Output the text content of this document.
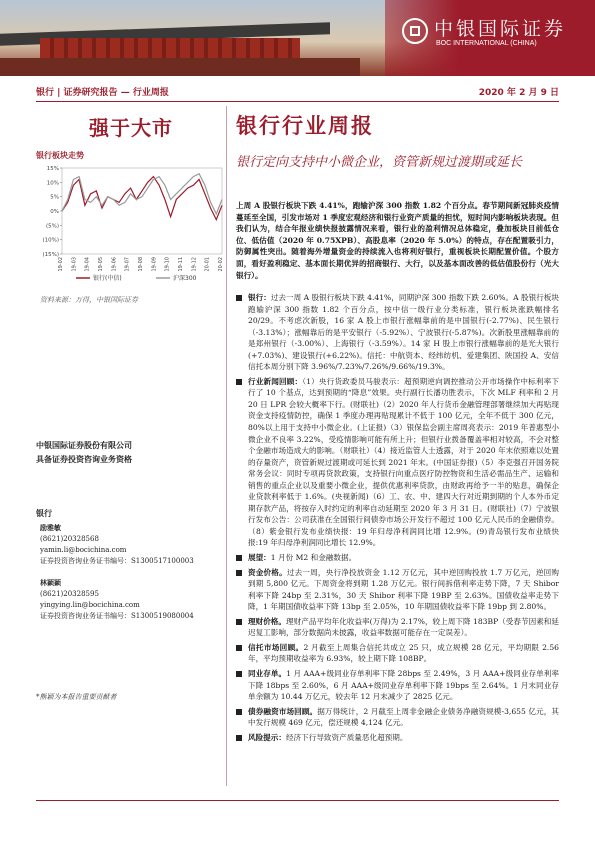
中银国际证券
BOC INTERNATIONAL (CHINA)
银行 | 证券研究报告 — 行业周报	2020 年 2 月 9 日
强于大市	银行行业周报
银行定向支持中小微企业，资管新规过渡期或延长

上周 A 股银行板块下跌 4.41%，跑输沪深 300 指数 1.82 个百分点。春节期间新冠肺炎疫情蔓延至全国，引发市场对 1 季度宏观经济和银行业资产质量的担忧，短时间内影响板块表现。但我们认为，结合年报业绩快报披露情况来看，银行业的盈利情况总体稳定，叠加板块目前低仓位、低估值（2020 年 0.75XPB）、高股息率（2020 年 5.0%）的特点，存在配置吸引力，防御属性突出。随着海外增量资金的持续流入也将利好银行，重视板块长期配置价值。个股方面，看好盈利稳定、基本面长期优异的招商银行、大行，以及基本面改善的低估值股份行（光大银行）。

银行板块走势
15%
10%
5%
0%
(5%)
(10%)
(15%)
19-02 19-03 19-04 19-05 19-06 19-07 19-08 19-09 19-10 19-11 19-12 20-01 20-02
银行(中信)	沪深300
资料来源：万得，中银国际证券
中银国际证券股份有限公司
具备证券投资咨询业务资格
银行
励雅敏
(8621)20328568
yamin.li@bocichina.com
证券投资咨询业务证书编号：S1300517100003
林颖颖
(8621)20328595
yingying.lin@bocichina.com
证券投资咨询业务证书编号：S1300519080004
*熊颖为本报告重要贡献者
银行：过去一周 A 股银行板块下跌 4.41%，同期沪深 300 指数下跌 2.60%。A 股银行板块跑输沪深 300 指数 1.82 个百分点，按中信一级行业分类标准，银行板块涨跌幅排名 20/29。不考虑次新股，16 家 A 股上市银行涨幅靠前的是中国银行(-2.77%)、民生银行（-3.13%）；涨幅靠后的是平安银行（-5.92%）、宁波银行(-5.87%)。次新股里涨幅靠前的是郑州银行（-3.00%）、上海银行（-3.59%）。14 家 H 股上市银行涨幅靠前的是光大银行(+7.03%)、建设银行(+6.22%)。信托：中航资本、经纬纺机、爱建集团、陕国投 A、安信信托本周分别下降 3.96%/7.23%/7.26%/9.66%/19.3%。
行业新闻回顾：（1）央行货政委员马骏表示：超预期逆向调控推动公开市场操作中标利率下行了 10 个基点，达到预期的“降息”效果。央行副行长潘功胜表示，下次 MLF 利率和 2 月 20 日 LPR 会较大概率下行。(财联社)（2）2020 年人行货币金融管理部署继续加大再贴现资金支持疫情防控，确保 1 季度办理再贴现累计不低于 100 亿元，全年不低于 300 亿元，80%以上用于支持中小微企业。(上证报)（3）银保监会副主席周亮表示：2019 年普惠型小微企业不良率 3.22%，受疫情影响可能有所上升；但银行业拨备覆盖率相对较高，不会对整个金融市场造成大的影响。（财联社）（4）接近监管人士透露，对于 2020 年末依照难以处置的存量资产，资管新规过渡期或可延长到 2021 年末。(中国证券报)（5）李克强召开国务院常务会议：同时专项再贷款政策，支持银行向重点医疗防控物资和生活必需品生产、运输和销售的重点企业以及重要小微企业，提供优惠利率贷款，由财政再给予一半的贴息，确保企业贷款利率低于 1.6%。(央视新闻)（6）工、农、中、建四大行对近期到期的个人本外币定期存款产品，将按存入时约定的利率自动延期至 2020 年 3 月 31 日。(财联社)（7）宁波银行发布公告：公司获准在全国银行间债券市场公开发行不超过 100 亿元人民币的金融债券。（8）紫金银行发布业绩快报：19 年归母净利润同比增 12.9%。(9)青岛银行发布业绩快报:19 年归母净利润同比增长 12.9%。
展望：1 月份 M2 和金融数据。
资金价格。过去一周，央行净投放资金 1.12 万亿元，其中逆回购投放 1.7 万亿元，逆回购到期 5,800 亿元。下周资金将到期 1.28 万亿元。银行间拆借利率走势下降，7 天 Shibor 利率下降 24bp 至 2.31%，30 天 Shibor 利率下降 19BP 至 2.63%。国债收益率走势下降，1 年期国债收益率下降 13bp 至 2.05%，10 年期国债收益率下降 19bp 到 2.80%。
理财价格。理财产品平均年化收益率(万得)为 2.17%，较上周下降 183BP（受春节因素和延迟复工影响，部分数据尚未披露，收益率数据可能存在一定误差）。
信托市场回顾。2 月截至上周集合信托共成立 25 只，成立规模 28 亿元，平均期限 2.56 年，平均预期收益率为 6.93%，较上期下降 108BP。
同业存单。1 月 AAA+级同业存单利率下降 28bps 至 2.49%，3 月 AAA+级同业存单利率下降 18bps 至 2.60%，6 月 AAA+级同业存单利率下降 19bps 至 2.64%。1 月末同业存单余额为 10.44 万亿元，较去年 12 月末减少了 2825 亿元。
债券融资市场回顾。据万得统计，2 月截至上周非金融企业债务净融资规模-3,655 亿元，其中发行规模 469 亿元，偿还规模 4,124 亿元。
风险提示：经济下行导致资产质量恶化超预期。
